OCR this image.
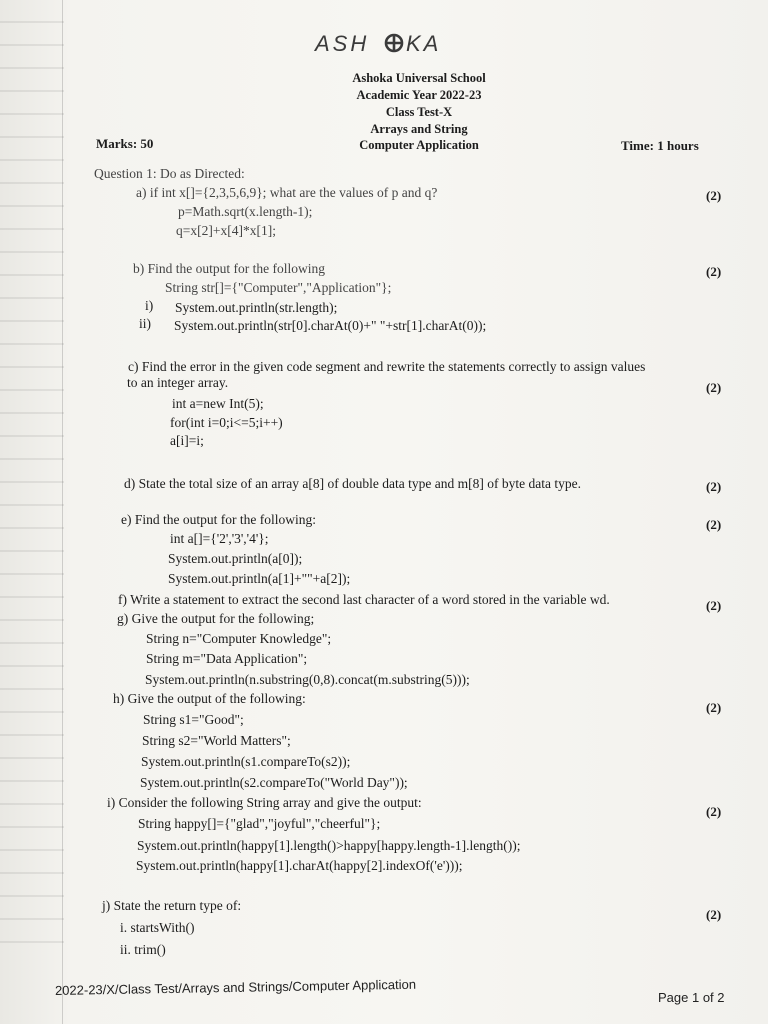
ASH KA
Ashoka Universal School
Academic Year 2022-23
Class Test-X
Arrays and String
Computer Application
Marks: 50	Time: 1 hours
Question 1: Do as Directed:
a) if int x[]={2,3,5,6,9}; what are the values of p and q?	(2)
p=Math.sqrt(x.length-1);
q=x[2]+x[4]*x[1];
b) Find the output for the following	(2)
String str[]={"Computer","Application"};
i) System.out.println(str.length);
ii) System.out.println(str[0].charAt(0)+" "+str[1].charAt(0));
c) Find the error in the given code segment and rewrite the statements correctly to assign values
to an integer array.	(2)
int a=new Int(5);
for(int i=0;i<=5;i++)
a[i]=i;
d) State the total size of an array a[8] of double data type and m[8] of byte data type.	(2)
e) Find the output for the following:	(2)
int a[]={'2','3','4'};
System.out.println(a[0]);
System.out.println(a[1]+""+a[2]);
f) Write a statement to extract the second last character of a word stored in the variable wd.	(2)
g) Give the output for the following;
String n="Computer Knowledge";
String m="Data Application";
System.out.println(n.substring(0,8).concat(m.substring(5)));
h) Give the output of the following:
(2)
String s1="Good";
String s2="World Matters";
System.out.println(s1.compareTo(s2));
System.out.println(s2.compareTo("World Day"));
i) Consider the following String array and give the output:
(2)
String happy[]={"glad","joyful","cheerful"};
System.out.println(happy[1].length()>happy[happy.length-1].length());
System.out.println(happy[1].charAt(happy[2].indexOf('e')));
j) State the return type of:
(2)
i. startsWith()
ii. trim()
2022-23/X/Class Test/Arrays and Strings/Computer Application	Page 1 of 2
